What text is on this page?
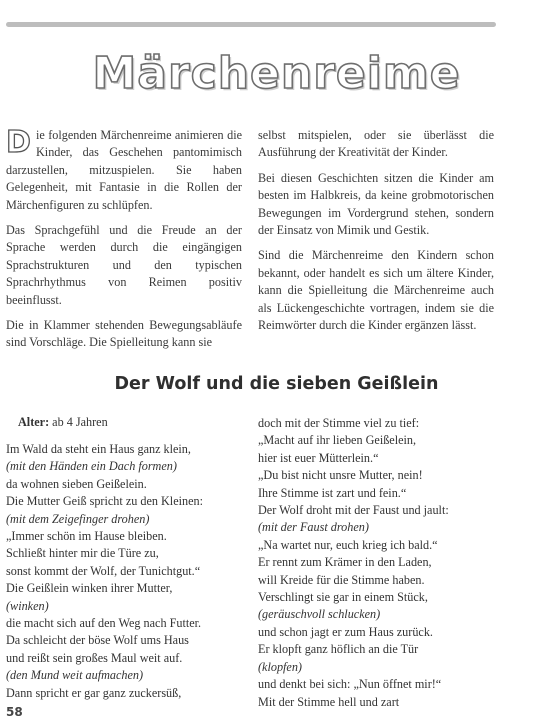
Märchenreime

Die folgenden Märchenreime animieren die Kinder, das Geschehen pantomimisch darzustellen, mitzuspielen. Sie haben Gelegenheit, mit Fantasie in die Rollen der Märchenfiguren zu schlüpfen.

Das Sprachgefühl und die Freude an der Sprache werden durch die eingängigen Sprachstrukturen und den typischen Sprachrhythmus von Reimen positiv beeinflusst.

Die in Klammer stehenden Bewegungsabläufe sind Vorschläge. Die Spielleitung kann sie

selbst mitspielen, oder sie überlässt die Ausführung der Kreativität der Kinder.

Bei diesen Geschichten sitzen die Kinder am besten im Halbkreis, da keine grobmotorischen Bewegungen im Vordergrund stehen, sondern der Einsatz von Mimik und Gestik.

Sind die Märchenreime den Kindern schon bekannt, oder handelt es sich um ältere Kinder, kann die Spielleitung die Märchenreime auch als Lückengeschichte vortragen, indem sie die Reimwörter durch die Kinder ergänzen lässt.

Der Wolf und die sieben Geißlein
Alter: ab 4 Jahren
Im Wald da steht ein Haus ganz klein,
(mit den Händen ein Dach formen)
da wohnen sieben Geißelein.
Die Mutter Geiß spricht zu den Kleinen:
(mit dem Zeigefinger drohen)
„Immer schön im Hause bleiben.
Schließt hinter mir die Türe zu,
sonst kommt der Wolf, der Tunichtgut.“
Die Geißlein winken ihrer Mutter,
(winken)
die macht sich auf den Weg nach Futter.
Da schleicht der böse Wolf ums Haus
und reißt sein großes Maul weit auf.
(den Mund weit aufmachen)
Dann spricht er gar ganz zuckersüß,
doch mit der Stimme viel zu tief:
„Macht auf ihr lieben Geißelein,
hier ist euer Mütterlein.“
„Du bist nicht unsre Mutter, nein!
Ihre Stimme ist zart und fein.“
Der Wolf droht mit der Faust und jault:
(mit der Faust drohen)
„Na wartet nur, euch krieg ich bald.“
Er rennt zum Krämer in den Laden,
will Kreide für die Stimme haben.
Verschlingt sie gar in einem Stück,
(geräuschvoll schlucken)
und schon jagt er zum Haus zurück.
Er klopft ganz höflich an die Tür
(klopfen)
und denkt bei sich: „Nun öffnet mir!“
Mit der Stimme hell und zart
58
